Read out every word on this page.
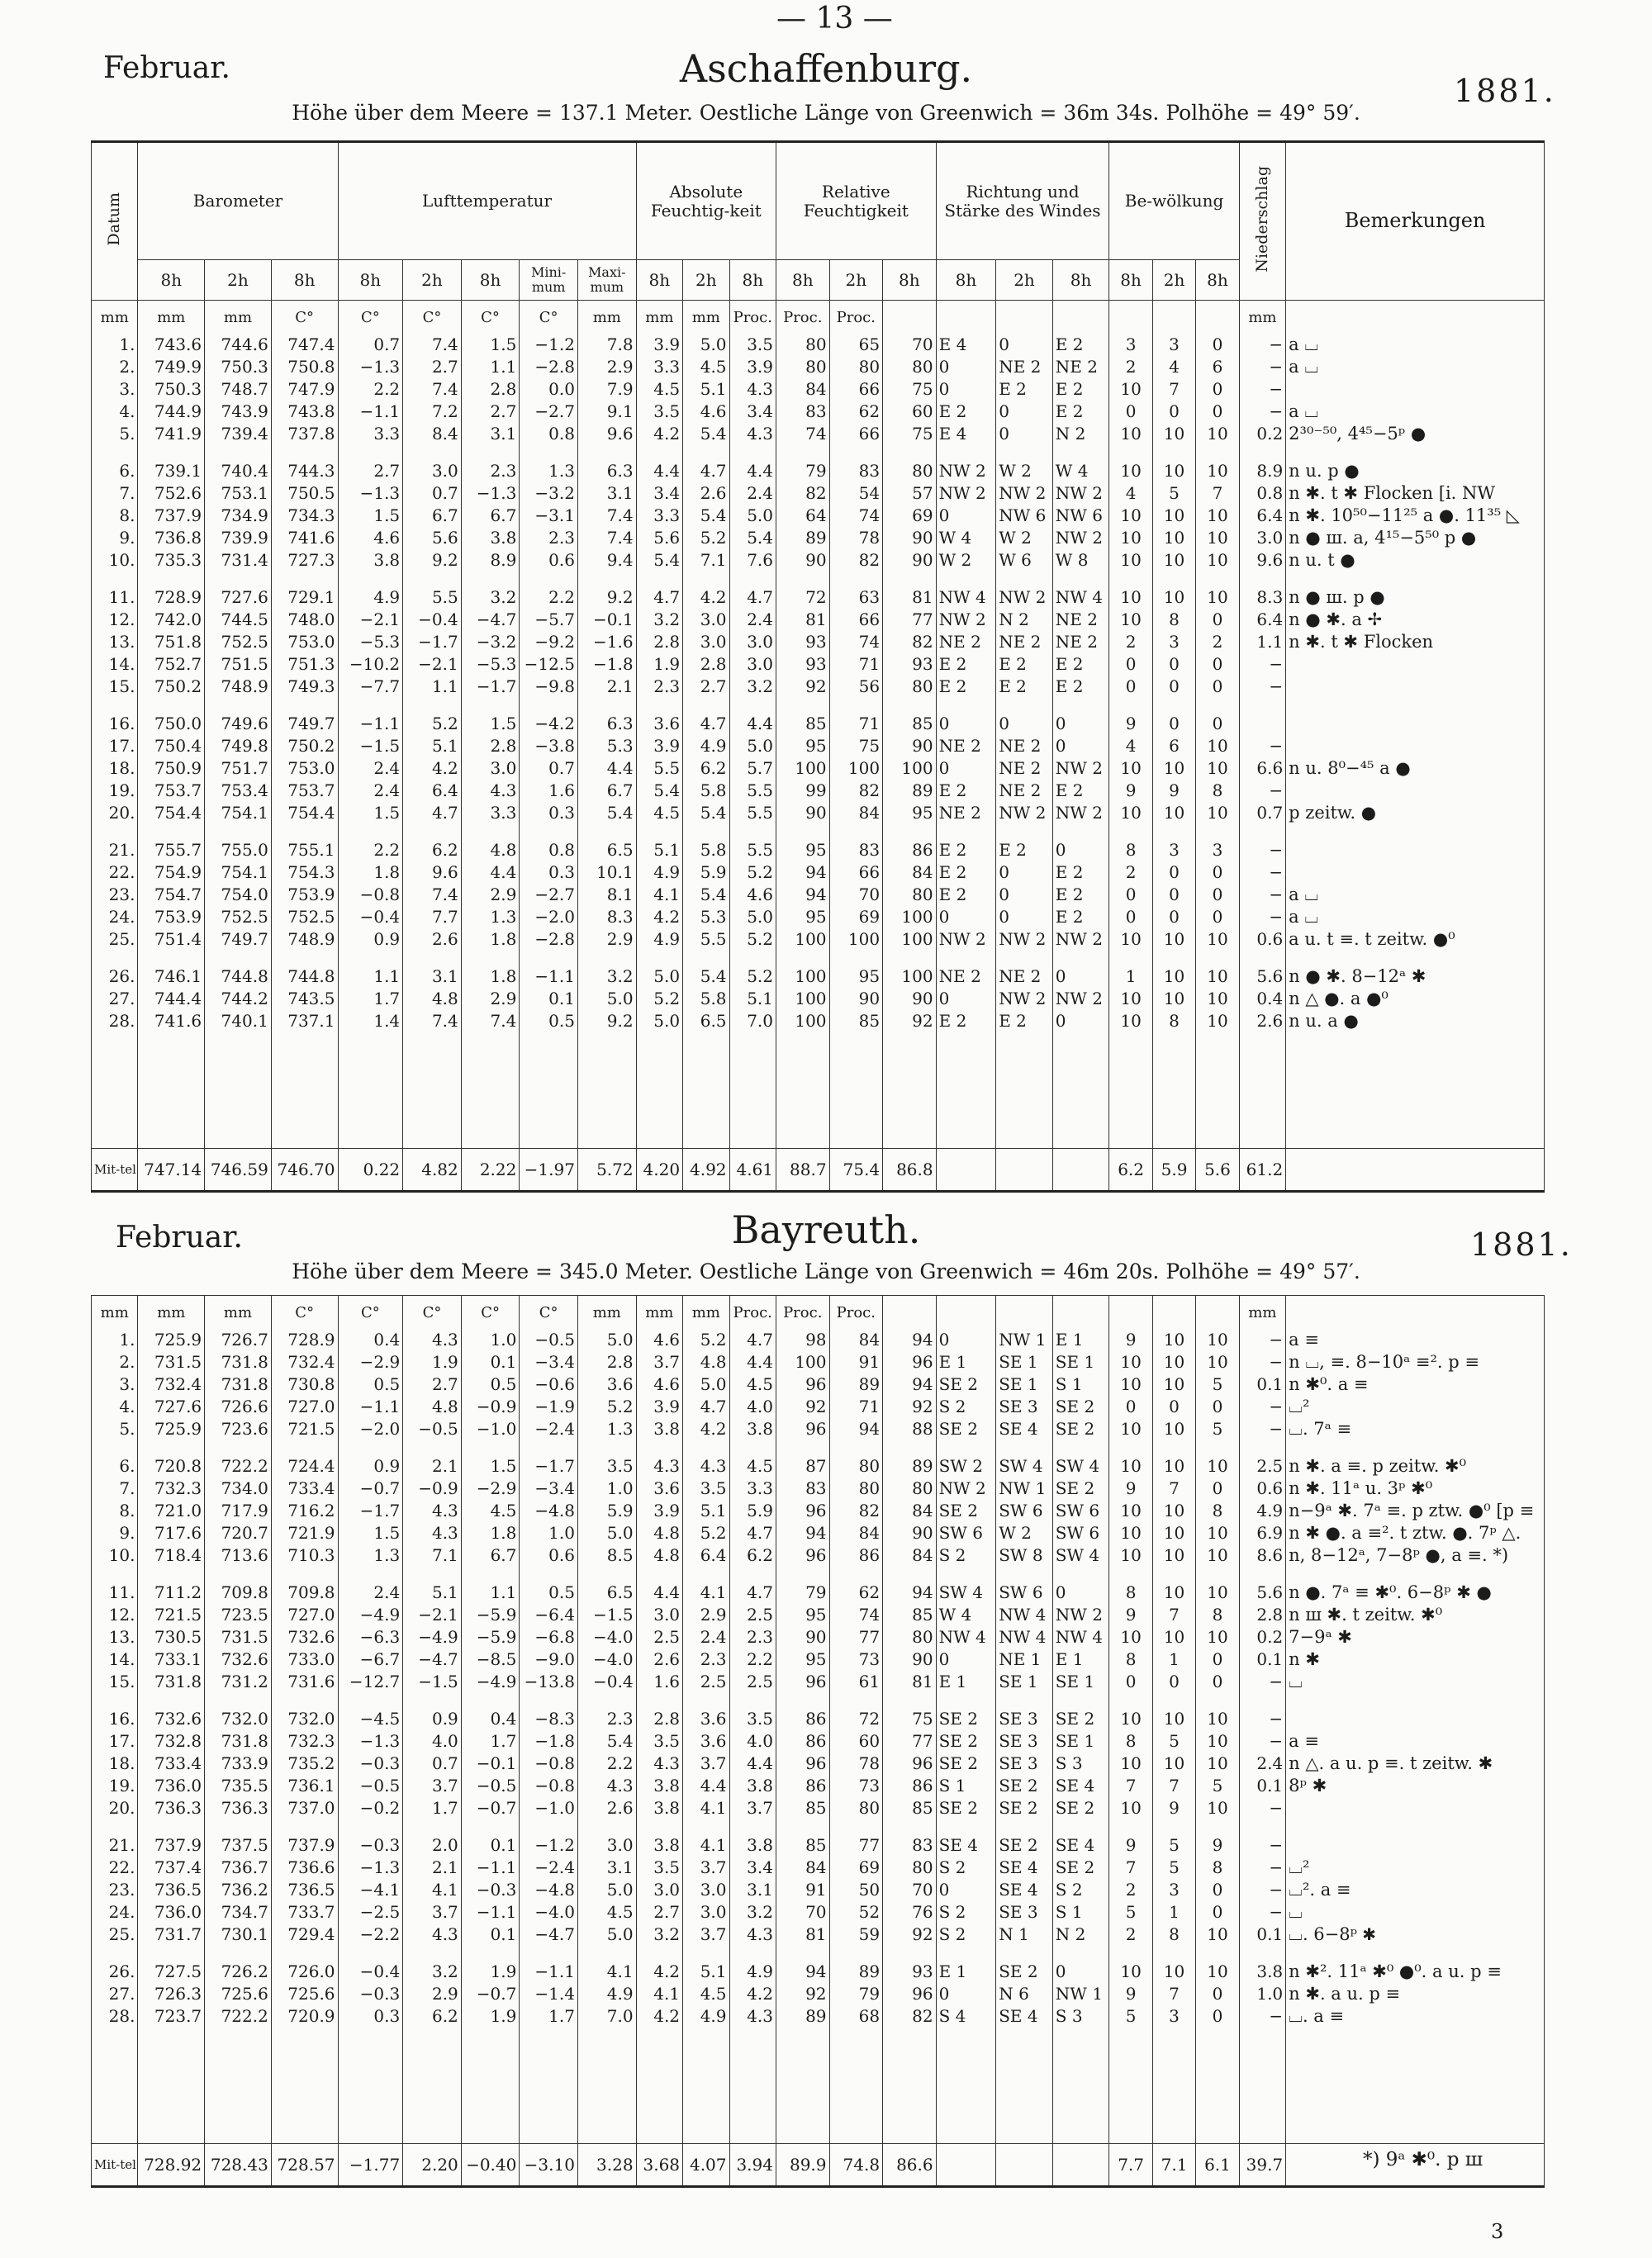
— 13 —
Februar.	Aschaffenburg.	1881.
Höhe über dem Meere = 137.1 Meter. Oestliche Länge von Greenwich = 36m 34s. Polhöhe = 49° 59′.
Datum	Barometer			Lufttemperatur					Absolute Feuchtig-keit			Relative Feuchtigkeit			Richtung und Stärke des Windes			Be-wölkung			Niederschlag	Bemerkungen
	8h	2h	8h	8h	2h	8h	Mini-mum	Maxi-mum	8h	2h	8h	8h	2h	8h	8h	2h	8h	8h	2h	8h		
mm	mm	mm	C°	C°	C°	C°	C°	mm	mm	mm	Proc.	Proc.	Proc.								mm	
1.	743.6	744.6	747.4	0.7	7.4	1.5	−1.2	7.8	3.9	5.0	3.5	80	65	70	E 4	0	E 2	3	3	0	−	a ⌴
2.	749.9	750.3	750.8	−1.3	2.7	1.1	−2.8	2.9	3.3	4.5	3.9	80	80	80	0	NE 2	NE 2	2	4	6	−	a ⌴
3.	750.3	748.7	747.9	2.2	7.4	2.8	0.0	7.9	4.5	5.1	4.3	84	66	75	0	E 2	E 2	10	7	0	−	
4.	744.9	743.9	743.8	−1.1	7.2	2.7	−2.7	9.1	3.5	4.6	3.4	83	62	60	E 2	0	E 2	0	0	0	−	a ⌴
5.	741.9	739.4	737.8	3.3	8.4	3.1	0.8	9.6	4.2	5.4	4.3	74	66	75	E 4	0	N 2	10	10	10	0.2	2³⁰⁻⁵⁰, 4⁴⁵−5ᵖ ●

6.	739.1	740.4	744.3	2.7	3.0	2.3	1.3	6.3	4.4	4.7	4.4	79	83	80	NW 2	W 2	W 4	10	10	10	8.9	n u. p ●
7.	752.6	753.1	750.5	−1.3	0.7	−1.3	−3.2	3.1	3.4	2.6	2.4	82	54	57	NW 2	NW 2	NW 2	4	5	7	0.8	n ✱. t ✱ Flocken [i. NW
8.	737.9	734.9	734.3	1.5	6.7	6.7	−3.1	7.4	3.3	5.4	5.0	64	74	69	0	NW 6	NW 6	10	10	10	6.4	n ✱. 10⁵⁰−11²⁵ a ●. 11³⁵ ◺
9.	736.8	739.9	741.6	4.6	5.6	3.8	2.3	7.4	5.6	5.2	5.4	89	78	90	W 4	W 2	NW 2	10	10	10	3.0	n ● ш. a, 4¹⁵−5⁵⁰ p ●
10.	735.3	731.4	727.3	3.8	9.2	8.9	0.6	9.4	5.4	7.1	7.6	90	82	90	W 2	W 6	W 8	10	10	10	9.6	n u. t ●

11.	728.9	727.6	729.1	4.9	5.5	3.2	2.2	9.2	4.7	4.2	4.7	72	63	81	NW 4	NW 2	NW 4	10	10	10	8.3	n ● ш. p ●
12.	742.0	744.5	748.0	−2.1	−0.4	−4.7	−5.7	−0.1	3.2	3.0	2.4	81	66	77	NW 2	N 2	NE 2	10	8	0	6.4	n ● ✱. a ✢
13.	751.8	752.5	753.0	−5.3	−1.7	−3.2	−9.2	−1.6	2.8	3.0	3.0	93	74	82	NE 2	NE 2	NE 2	2	3	2	1.1	n ✱. t ✱ Flocken
14.	752.7	751.5	751.3	−10.2	−2.1	−5.3	−12.5	−1.8	1.9	2.8	3.0	93	71	93	E 2	E 2	E 2	0	0	0	−	
15.	750.2	748.9	749.3	−7.7	1.1	−1.7	−9.8	2.1	2.3	2.7	3.2	92	56	80	E 2	E 2	E 2	0	0	0	−	

16.	750.0	749.6	749.7	−1.1	5.2	1.5	−4.2	6.3	3.6	4.7	4.4	85	71	85	0	0	0	9	0	0		
17.	750.4	749.8	750.2	−1.5	5.1	2.8	−3.8	5.3	3.9	4.9	5.0	95	75	90	NE 2	NE 2	0	4	6	10	−	
18.	750.9	751.7	753.0	2.4	4.2	3.0	0.7	4.4	5.5	6.2	5.7	100	100	100	0	NE 2	NW 2	10	10	10	6.6	n u. 8⁰−⁴⁵ a ●
19.	753.7	753.4	753.7	2.4	6.4	4.3	1.6	6.7	5.4	5.8	5.5	99	82	89	E 2	NE 2	E 2	9	9	8	−	
20.	754.4	754.1	754.4	1.5	4.7	3.3	0.3	5.4	4.5	5.4	5.5	90	84	95	NE 2	NW 2	NW 2	10	10	10	0.7	p zeitw. ●

21.	755.7	755.0	755.1	2.2	6.2	4.8	0.8	6.5	5.1	5.8	5.5	95	83	86	E 2	E 2	0	8	3	3	−	
22.	754.9	754.1	754.3	1.8	9.6	4.4	0.3	10.1	4.9	5.9	5.2	94	66	84	E 2	0	E 2	2	0	0	−	
23.	754.7	754.0	753.9	−0.8	7.4	2.9	−2.7	8.1	4.1	5.4	4.6	94	70	80	E 2	0	E 2	0	0	0	−	a ⌴
24.	753.9	752.5	752.5	−0.4	7.7	1.3	−2.0	8.3	4.2	5.3	5.0	95	69	100	0	0	E 2	0	0	0	−	a ⌴
25.	751.4	749.7	748.9	0.9	2.6	1.8	−2.8	2.9	4.9	5.5	5.2	100	100	100	NW 2	NW 2	NW 2	10	10	10	0.6	a u. t ≡. t zeitw. ●⁰

26.	746.1	744.8	744.8	1.1	3.1	1.8	−1.1	3.2	5.0	5.4	5.2	100	95	100	NE 2	NE 2	0	1	10	10	5.6	n ● ✱. 8−12ᵃ ✱
27.	744.4	744.2	743.5	1.7	4.8	2.9	0.1	5.0	5.2	5.8	5.1	100	90	90	0	NW 2	NW 2	10	10	10	0.4	n △ ●. a ●⁰
28.	741.6	740.1	737.1	1.4	7.4	7.4	0.5	9.2	5.0	6.5	7.0	100	85	92	E 2	E 2	0	10	8	10	2.6	n u. a ●

Mit-tel	747.14	746.59	746.70	0.22	4.82	2.22	−1.97	5.72	4.20	4.92	4.61	88.7	75.4	86.8				6.2	5.9	5.6	61.2	
Februar.	Bayreuth.	1881.
Höhe über dem Meere = 345.0 Meter. Oestliche Länge von Greenwich = 46m 20s. Polhöhe = 49° 57′.
mm	mm	mm	C°	C°	C°	C°	C°	mm	mm	mm	Proc.	Proc.	Proc.								mm	
1.	725.9	726.7	728.9	0.4	4.3	1.0	−0.5	5.0	4.6	5.2	4.7	98	84	94	0	NW 1	E 1	9	10	10	−	a ≡
2.	731.5	731.8	732.4	−2.9	1.9	0.1	−3.4	2.8	3.7	4.8	4.4	100	91	96	E 1	SE 1	SE 1	10	10	10	−	n ⌴, ≡. 8−10ᵃ ≡². p ≡
3.	732.4	731.8	730.8	0.5	2.7	0.5	−0.6	3.6	4.6	5.0	4.5	96	89	94	SE 2	SE 1	S 1	10	10	5	0.1	n ✱⁰. a ≡
4.	727.6	726.6	727.0	−1.1	4.8	−0.9	−1.9	5.2	3.9	4.7	4.0	92	71	92	S 2	SE 3	SE 2	0	0	0	−	⌴²
5.	725.9	723.6	721.5	−2.0	−0.5	−1.0	−2.4	1.3	3.8	4.2	3.8	96	94	88	SE 2	SE 4	SE 2	10	10	5	−	⌴. 7ᵃ ≡

6.	720.8	722.2	724.4	0.9	2.1	1.5	−1.7	3.5	4.3	4.3	4.5	87	80	89	SW 2	SW 4	SW 4	10	10	10	2.5	n ✱. a ≡. p zeitw. ✱⁰
7.	732.3	734.0	733.4	−0.7	−0.9	−2.9	−3.4	1.0	3.6	3.5	3.3	83	80	80	NW 2	NW 1	SE 2	9	7	0	0.6	n ✱. 11ᵃ u. 3ᵖ ✱⁰
8.	721.0	717.9	716.2	−1.7	4.3	4.5	−4.8	5.9	3.9	5.1	5.9	96	82	84	SE 2	SW 6	SW 6	10	10	8	4.9	n−9ᵃ ✱. 7ᵃ ≡. p ztw. ●⁰ [p ≡
9.	717.6	720.7	721.9	1.5	4.3	1.8	1.0	5.0	4.8	5.2	4.7	94	84	90	SW 6	W 2	SW 6	10	10	10	6.9	n ✱ ●. a ≡². t ztw. ●. 7ᵖ △.
10.	718.4	713.6	710.3	1.3	7.1	6.7	0.6	8.5	4.8	6.4	6.2	96	86	84	S 2	SW 8	SW 4	10	10	10	8.6	n, 8−12ᵃ, 7−8ᵖ ●, a ≡. *)

11.	711.2	709.8	709.8	2.4	5.1	1.1	0.5	6.5	4.4	4.1	4.7	79	62	94	SW 4	SW 6	0	8	10	10	5.6	n ●. 7ᵃ ≡ ✱⁰. 6−8ᵖ ✱ ●
12.	721.5	723.5	727.0	−4.9	−2.1	−5.9	−6.4	−1.5	3.0	2.9	2.5	95	74	85	W 4	NW 4	NW 2	9	7	8	2.8	n ш ✱. t zeitw. ✱⁰
13.	730.5	731.5	732.6	−6.3	−4.9	−5.9	−6.8	−4.0	2.5	2.4	2.3	90	77	80	NW 4	NW 4	NW 4	10	10	10	0.2	7−9ᵃ ✱
14.	733.1	732.6	733.0	−6.7	−4.7	−8.5	−9.0	−4.0	2.6	2.3	2.2	95	73	90	0	NE 1	E 1	8	1	0	0.1	n ✱
15.	731.8	731.2	731.6	−12.7	−1.5	−4.9	−13.8	−0.4	1.6	2.5	2.5	96	61	81	E 1	SE 1	SE 1	0	0	0	−	⌴

16.	732.6	732.0	732.0	−4.5	0.9	0.4	−8.3	2.3	2.8	3.6	3.5	86	72	75	SE 2	SE 3	SE 2	10	10	10	−	
17.	732.8	731.8	732.3	−1.3	4.0	1.7	−1.8	5.4	3.5	3.6	4.0	86	60	77	SE 2	SE 3	SE 1	8	5	10	−	a ≡
18.	733.4	733.9	735.2	−0.3	0.7	−0.1	−0.8	2.2	4.3	3.7	4.4	96	78	96	SE 2	SE 3	S 3	10	10	10	2.4	n △. a u. p ≡. t zeitw. ✱
19.	736.0	735.5	736.1	−0.5	3.7	−0.5	−0.8	4.3	3.8	4.4	3.8	86	73	86	S 1	SE 2	SE 4	7	7	5	0.1	8ᵖ ✱
20.	736.3	736.3	737.0	−0.2	1.7	−0.7	−1.0	2.6	3.8	4.1	3.7	85	80	85	SE 2	SE 2	SE 2	10	9	10	−	

21.	737.9	737.5	737.9	−0.3	2.0	0.1	−1.2	3.0	3.8	4.1	3.8	85	77	83	SE 4	SE 2	SE 4	9	5	9	−	
22.	737.4	736.7	736.6	−1.3	2.1	−1.1	−2.4	3.1	3.5	3.7	3.4	84	69	80	S 2	SE 4	SE 2	7	5	8	−	⌴²
23.	736.5	736.2	736.5	−4.1	4.1	−0.3	−4.8	5.0	3.0	3.0	3.1	91	50	70	0	SE 4	S 2	2	3	0	−	⌴². a ≡
24.	736.0	734.7	733.7	−2.5	3.7	−1.1	−4.0	4.5	2.7	3.0	3.2	70	52	76	S 2	SE 3	S 1	5	1	0	−	⌴
25.	731.7	730.1	729.4	−2.2	4.3	0.1	−4.7	5.0	3.2	3.7	4.3	81	59	92	S 2	N 1	N 2	2	8	10	0.1	⌴. 6−8ᵖ ✱

26.	727.5	726.2	726.0	−0.4	3.2	1.9	−1.1	4.1	4.2	5.1	4.9	94	89	93	E 1	SE 2	0	10	10	10	3.8	n ✱². 11ᵃ ✱⁰ ●⁰. a u. p ≡
27.	726.3	725.6	725.6	−0.3	2.9	−0.7	−1.4	4.9	4.1	4.5	4.2	92	79	96	0	N 6	NW 1	9	7	0	1.0	n ✱. a u. p ≡
28.	723.7	722.2	720.9	0.3	6.2	1.9	1.7	7.0	4.2	4.9	4.3	89	68	82	S 4	SE 4	S 3	5	3	0	−	⌴. a ≡

Mit-tel	728.92	728.43	728.57	−1.77	2.20	−0.40	−3.10	3.28	3.68	4.07	3.94	89.9	74.8	86.6				7.7	7.1	6.1	39.7		*) 9ᵃ ✱⁰. p ш
3
